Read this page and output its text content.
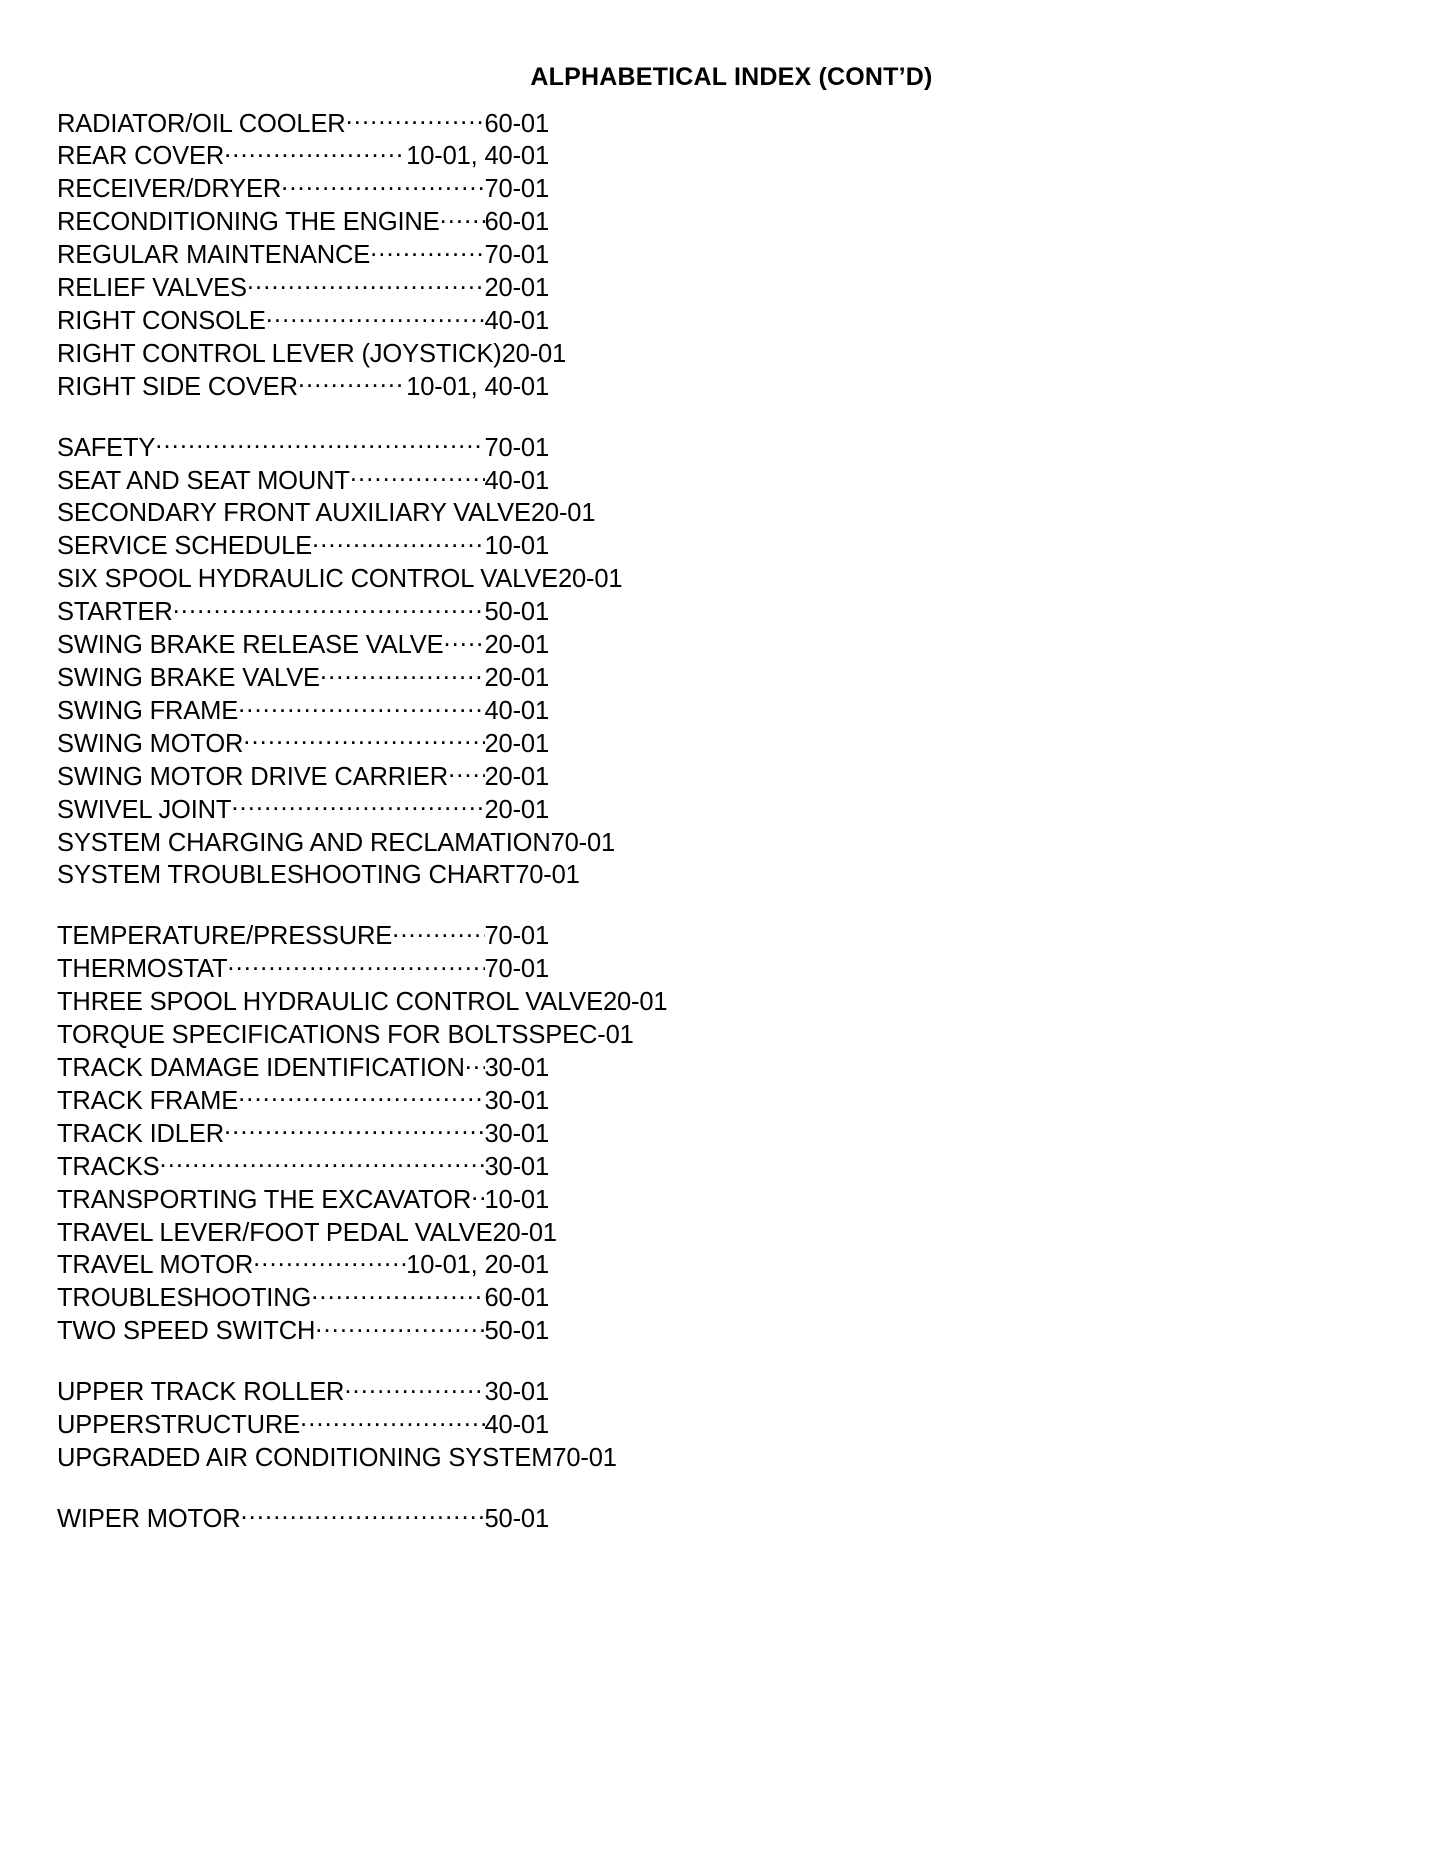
ALPHABETICAL INDEX (CONT’D)
RADIATOR/OIL COOLER .....	60-01
REAR COVER .....	10-01, 40-01
RECEIVER/DRYER .....	70-01
RECONDITIONING THE ENGINE ..... 60-01
REGULAR MAINTENANCE .....	70-01
RELIEF VALVES .....	20-01
RIGHT CONSOLE .....	40-01
RIGHT CONTROL LEVER (JOYSTICK) 20-01
RIGHT SIDE COVER .....	10-01, 40-01
SAFETY .....	70-01
SEAT AND SEAT MOUNT .....	40-01
SECONDARY FRONT AUXILIARY VALVE 20-01
SERVICE SCHEDULE .....	10-01
SIX SPOOL HYDRAULIC CONTROL VALVE 20-01
STARTER .....	50-01
SWING BRAKE RELEASE VALVE ..... 20-01
SWING BRAKE VALVE .....	20-01
SWING FRAME .....	40-01
SWING MOTOR .....	20-01
SWING MOTOR DRIVE CARRIER ..... 20-01
SWIVEL JOINT .....	20-01
SYSTEM CHARGING AND RECLAMATION 70-01
SYSTEM TROUBLESHOOTING CHART 70-01
TEMPERATURE/PRESSURE .....	70-01
THERMOSTAT .....	70-01
THREE SPOOL HYDRAULIC CONTROL VALVE 20-01
TORQUE SPECIFICATIONS FOR BOLTS SPEC-01
TRACK DAMAGE IDENTIFICATION ..... 30-01
TRACK FRAME .....	30-01
TRACK IDLER .....	30-01
TRACKS .....	30-01
TRANSPORTING THE EXCAVATOR ..... 10-01
TRAVEL LEVER/FOOT PEDAL VALVE 20-01
TRAVEL MOTOR .....	10-01, 20-01
TROUBLESHOOTING .....	60-01
TWO SPEED SWITCH .....	50-01
UPPER TRACK ROLLER .....	30-01
UPPERSTRUCTURE .....	40-01
UPGRADED AIR CONDITIONING SYSTEM 70-01
WIPER MOTOR .....	50-01
